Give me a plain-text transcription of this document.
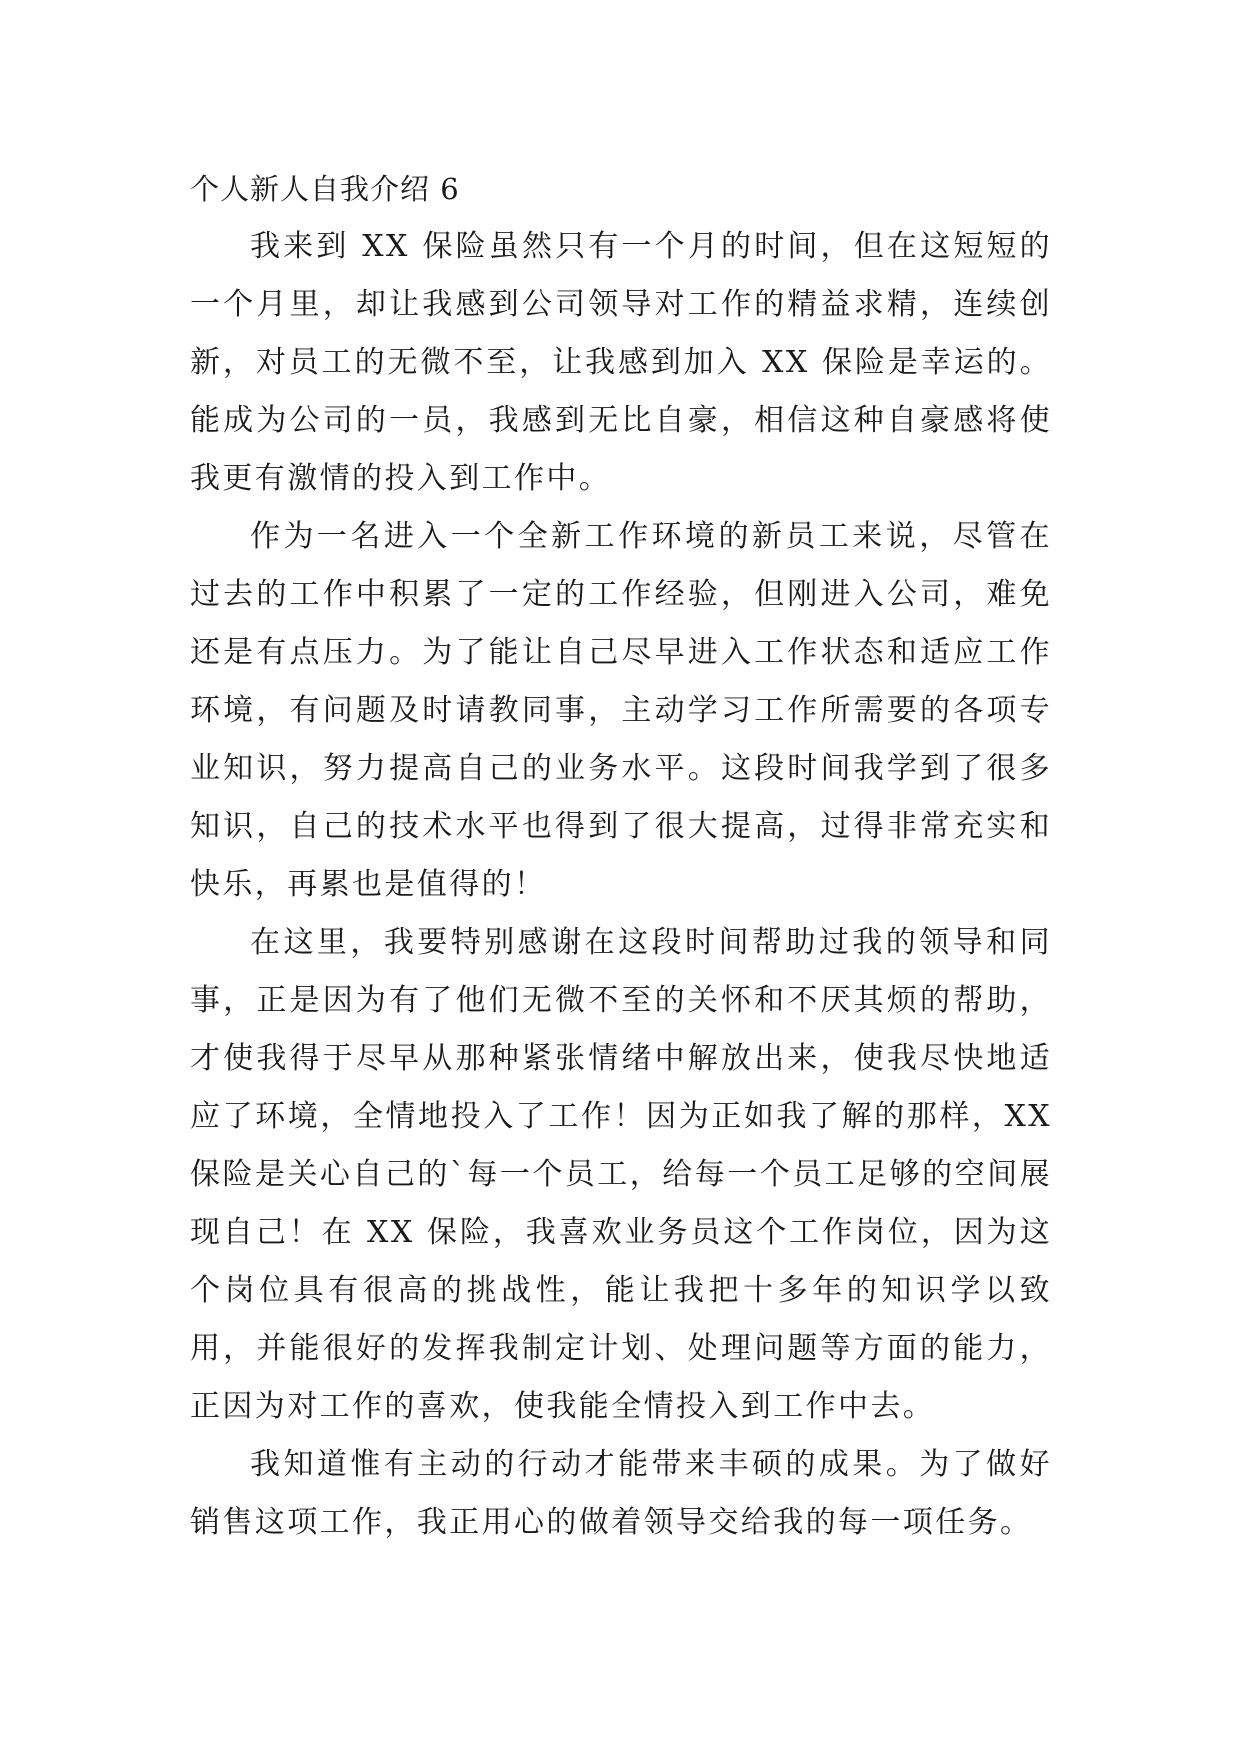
个人新人自我介绍 6

我来到 XX 保险虽然只有一个月的时间，但在这短短的一个月里，却让我感到公司领导对工作的精益求精，连续创新，对员工的无微不至，让我感到加入 XX 保险是幸运的。能成为公司的一员，我感到无比自豪，相信这种自豪感将使我更有激情的投入到工作中。

作为一名进入一个全新工作环境的新员工来说，尽管在过去的工作中积累了一定的工作经验，但刚进入公司，难免还是有点压力。为了能让自己尽早进入工作状态和适应工作环境，有问题及时请教同事，主动学习工作所需要的各项专业知识，努力提高自己的业务水平。这段时间我学到了很多知识，自己的技术水平也得到了很大提高，过得非常充实和快乐，再累也是值得的！

在这里，我要特别感谢在这段时间帮助过我的领导和同事，正是因为有了他们无微不至的关怀和不厌其烦的帮助，才使我得于尽早从那种紧张情绪中解放出来，使我尽快地适应了环境，全情地投入了工作！因为正如我了解的那样，XX 保险是关心自己的`每一个员工，给每一个员工足够的空间展现自己！在 XX 保险，我喜欢业务员这个工作岗位，因为这个岗位具有很高的挑战性，能让我把十多年的知识学以致用，并能很好的发挥我制定计划、处理问题等方面的能力，正因为对工作的喜欢，使我能全情投入到工作中去。

我知道惟有主动的行动才能带来丰硕的成果。为了做好销售这项工作，我正用心的做着领导交给我的每一项任务。
